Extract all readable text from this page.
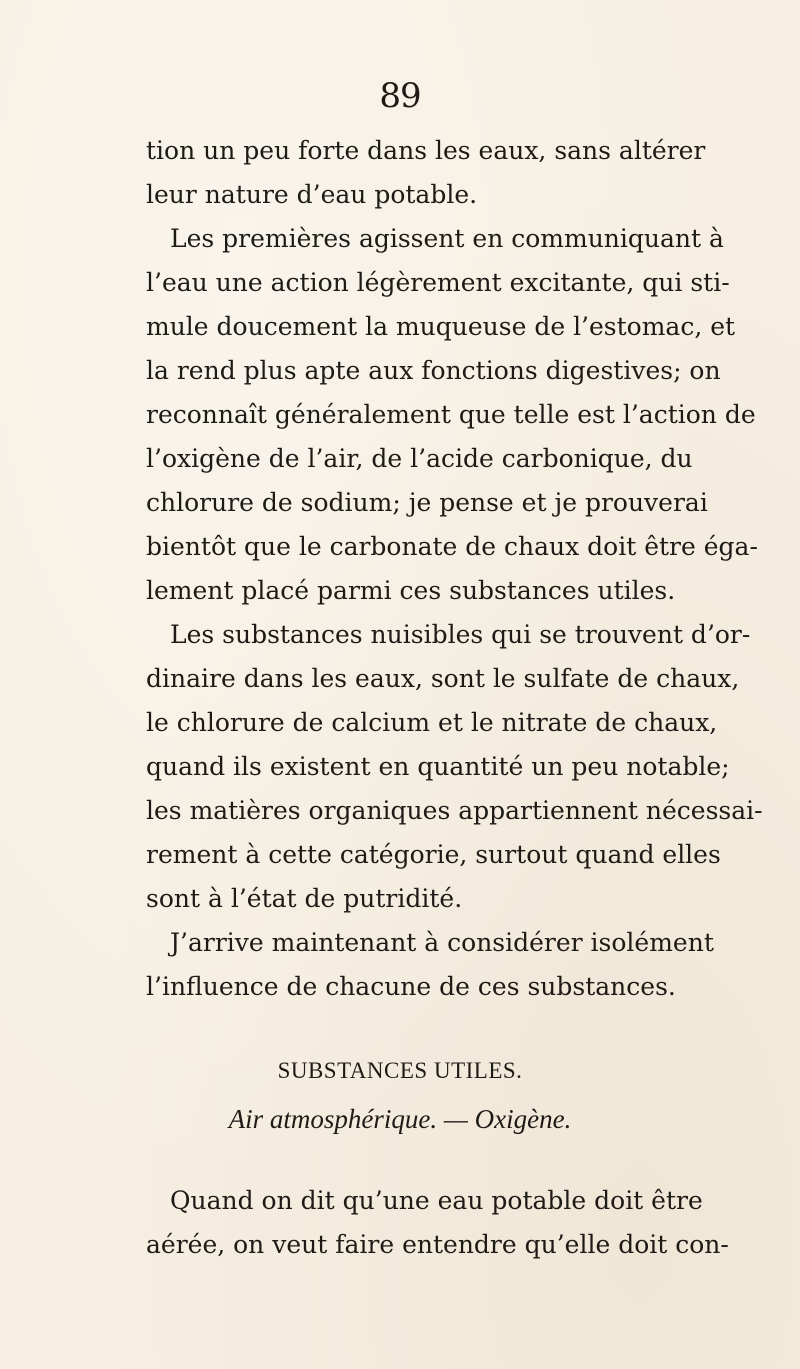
89
tion un peu forte dans les eaux, sans altérer
leur nature d’eau potable.
Les premières agissent en communiquant à
l’eau une action légèrement excitante, qui sti-
mule doucement la muqueuse de l’estomac, et
la rend plus apte aux fonctions digestives; on
reconnaît généralement que telle est l’action de
l’oxigène de l’air, de l’acide carbonique, du
chlorure de sodium; je pense et je prouverai
bientôt que le carbonate de chaux doit être éga-
lement placé parmi ces substances utiles.
Les substances nuisibles qui se trouvent d’or-
dinaire dans les eaux, sont le sulfate de chaux,
le chlorure de calcium et le nitrate de chaux,
quand ils existent en quantité un peu notable;
les matières organiques appartiennent nécessai-
rement à cette catégorie, surtout quand elles
sont à l’état de putridité.
J’arrive maintenant à considérer isolément
l’influence de chacune de ces substances.
SUBSTANCES UTILES.
Air atmosphérique. — Oxigène.
Quand on dit qu’une eau potable doit être
aérée, on veut faire entendre qu’elle doit con-
